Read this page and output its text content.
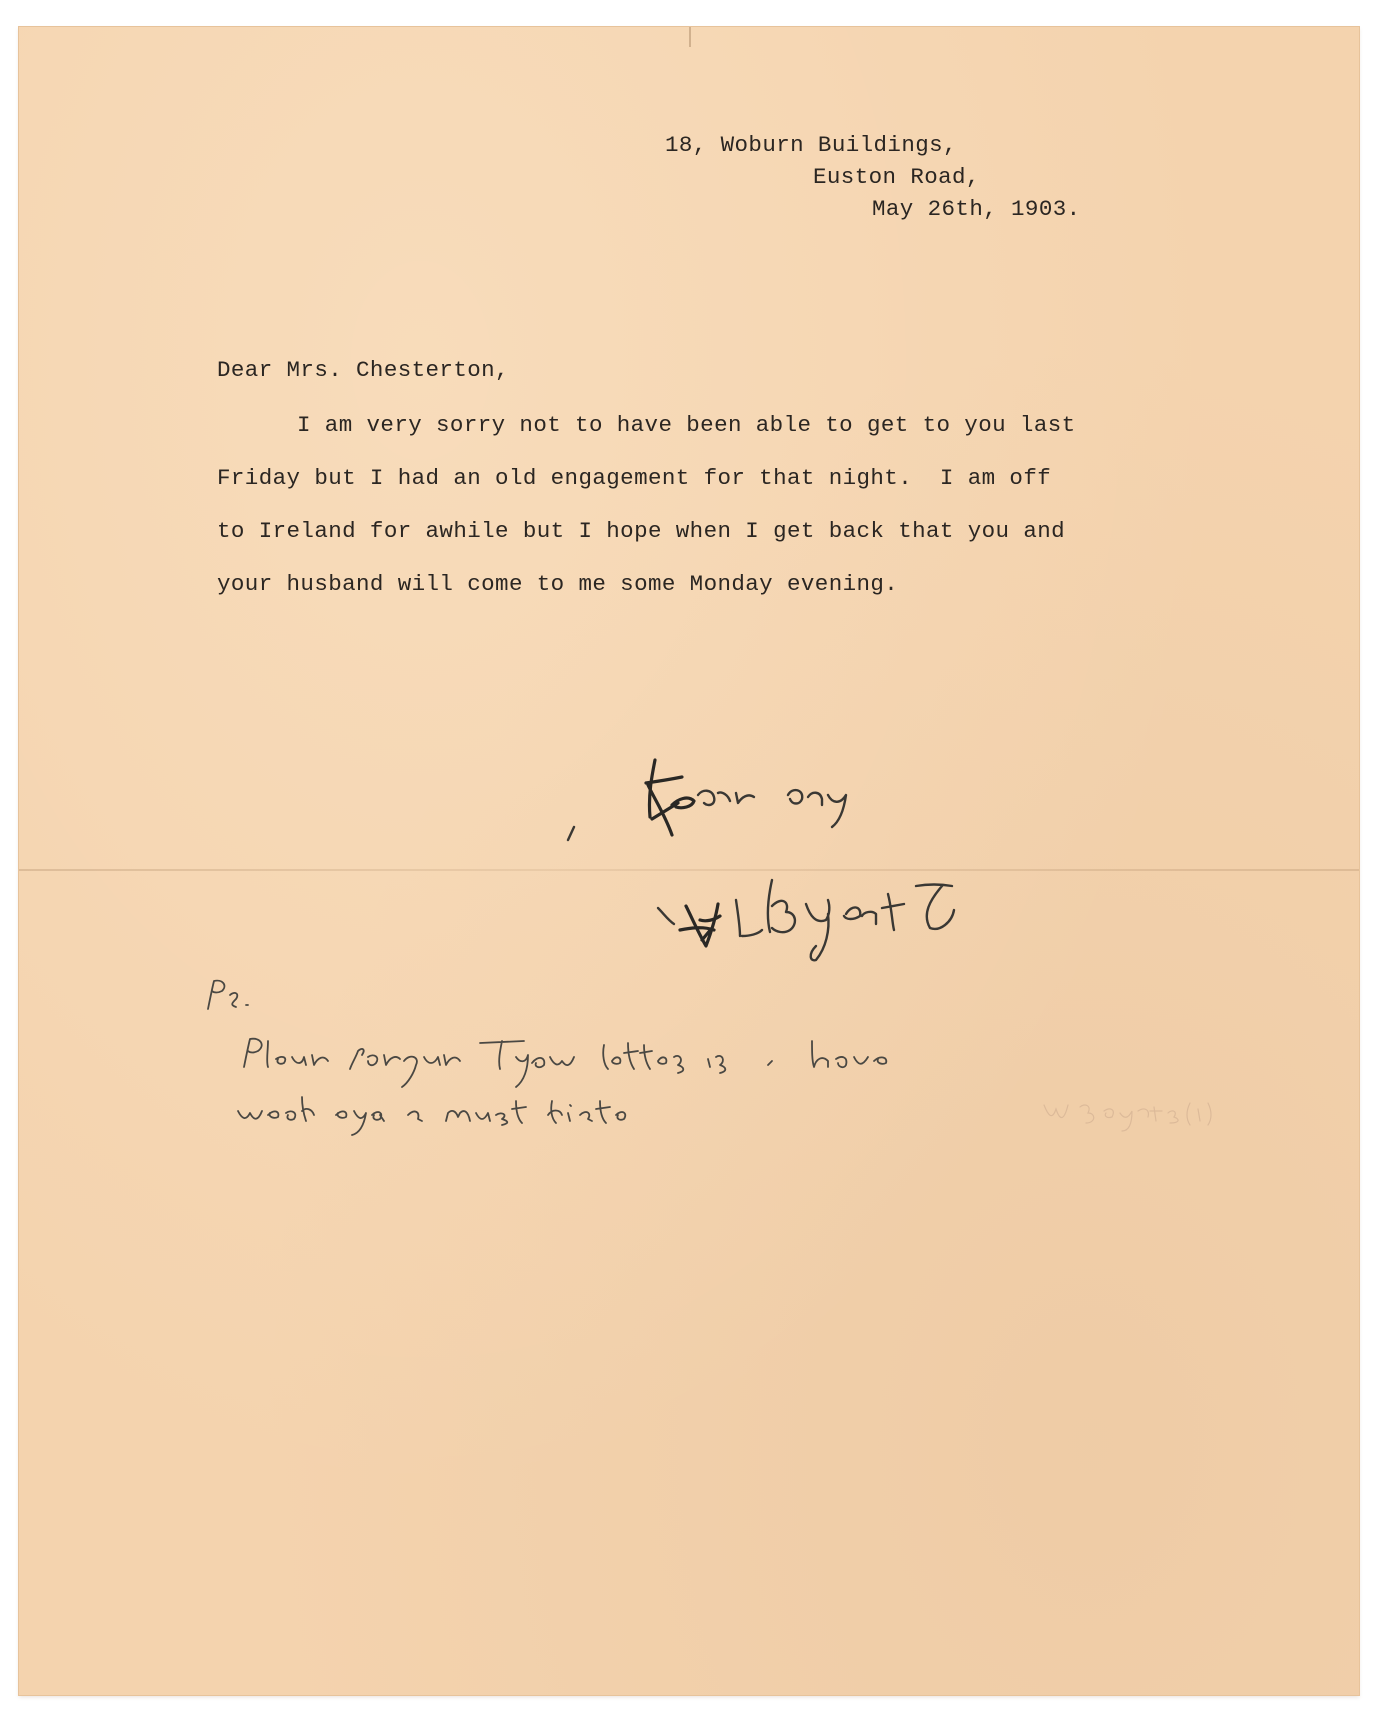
18, Woburn Buildings,

Euston Road,

May 26th, 1903.

Dear Mrs. Chesterton,

I am very sorry not to have been able to get to you last

Friday but I had an old engagement for that night.  I am off

to Ireland for awhile but I hope when I get back that you and

your husband will come to me some Monday evening.
